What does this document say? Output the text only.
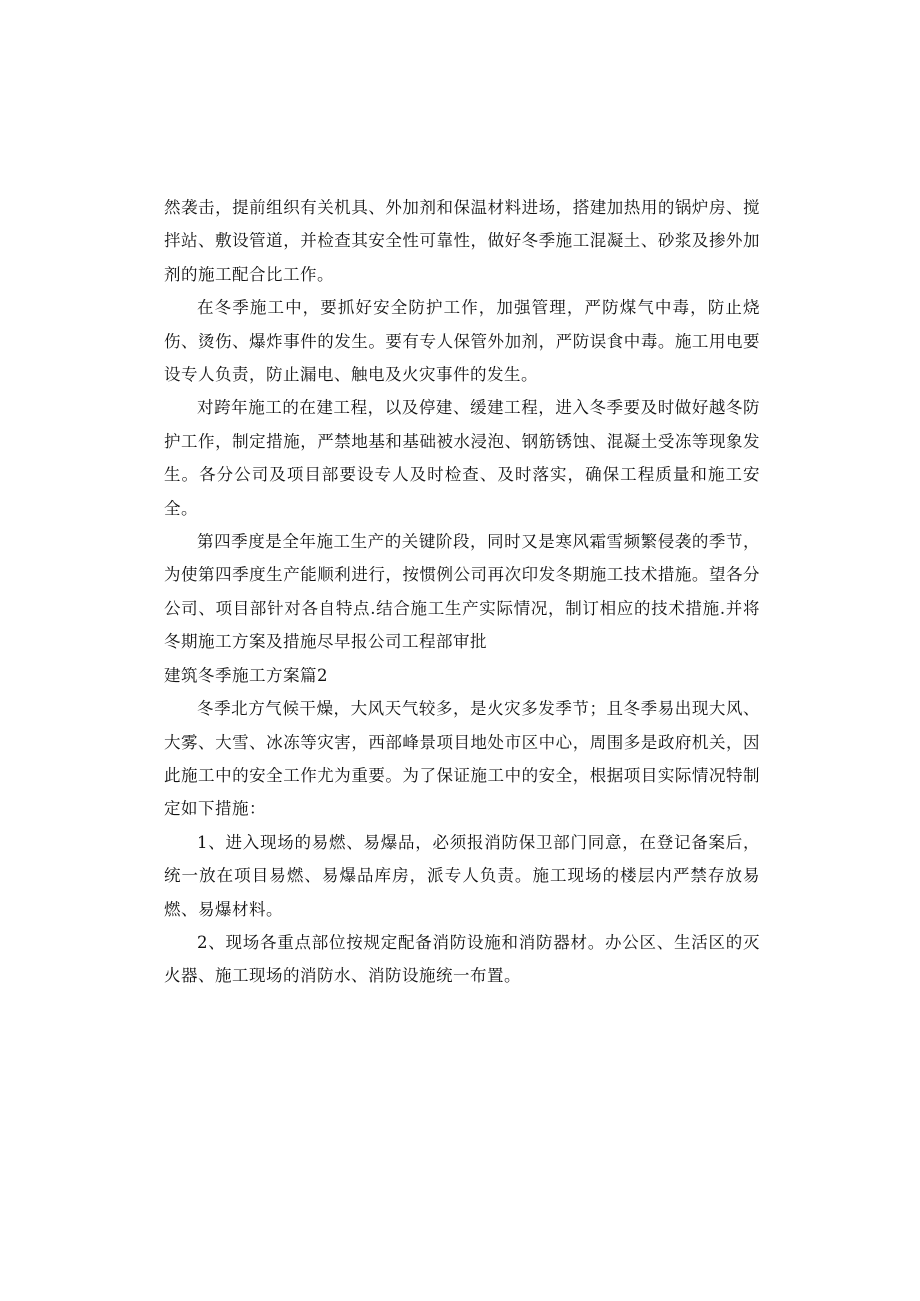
然袭击，提前组织有关机具、外加剂和保温材料进场，搭建加热用的锅炉房、搅拌站、敷设管道，并检查其安全性可靠性，做好冬季施工混凝土、砂浆及掺外加剂的施工配合比工作。

在冬季施工中，要抓好安全防护工作，加强管理，严防煤气中毒，防止烧伤、烫伤、爆炸事件的发生。要有专人保管外加剂，严防误食中毒。施工用电要设专人负责，防止漏电、触电及火灾事件的发生。

对跨年施工的在建工程，以及停建、缓建工程，进入冬季要及时做好越冬防护工作，制定措施，严禁地基和基础被水浸泡、钢筋锈蚀、混凝土受冻等现象发生。各分公司及项目部要设专人及时检查、及时落实，确保工程质量和施工安全。

第四季度是全年施工生产的关键阶段，同时又是寒风霜雪频繁侵袭的季节，为使第四季度生产能顺利进行，按惯例公司再次印发冬期施工技术措施。望各分公司、项目部针对各自特点.结合施工生产实际情况，制订相应的技术措施.并将冬期施工方案及措施尽早报公司工程部审批

建筑冬季施工方案篇2

冬季北方气候干燥，大风天气较多，是火灾多发季节；且冬季易出现大风、大雾、大雪、冰冻等灾害，西部峰景项目地处市区中心，周围多是政府机关，因此施工中的安全工作尤为重要。为了保证施工中的安全，根据项目实际情况特制定如下措施：

1、进入现场的易燃、易爆品，必须报消防保卫部门同意，在登记备案后，统一放在项目易燃、易爆品库房，派专人负责。施工现场的楼层内严禁存放易燃、易爆材料。

2、现场各重点部位按规定配备消防设施和消防器材。办公区、生活区的灭火器、施工现场的消防水、消防设施统一布置。
